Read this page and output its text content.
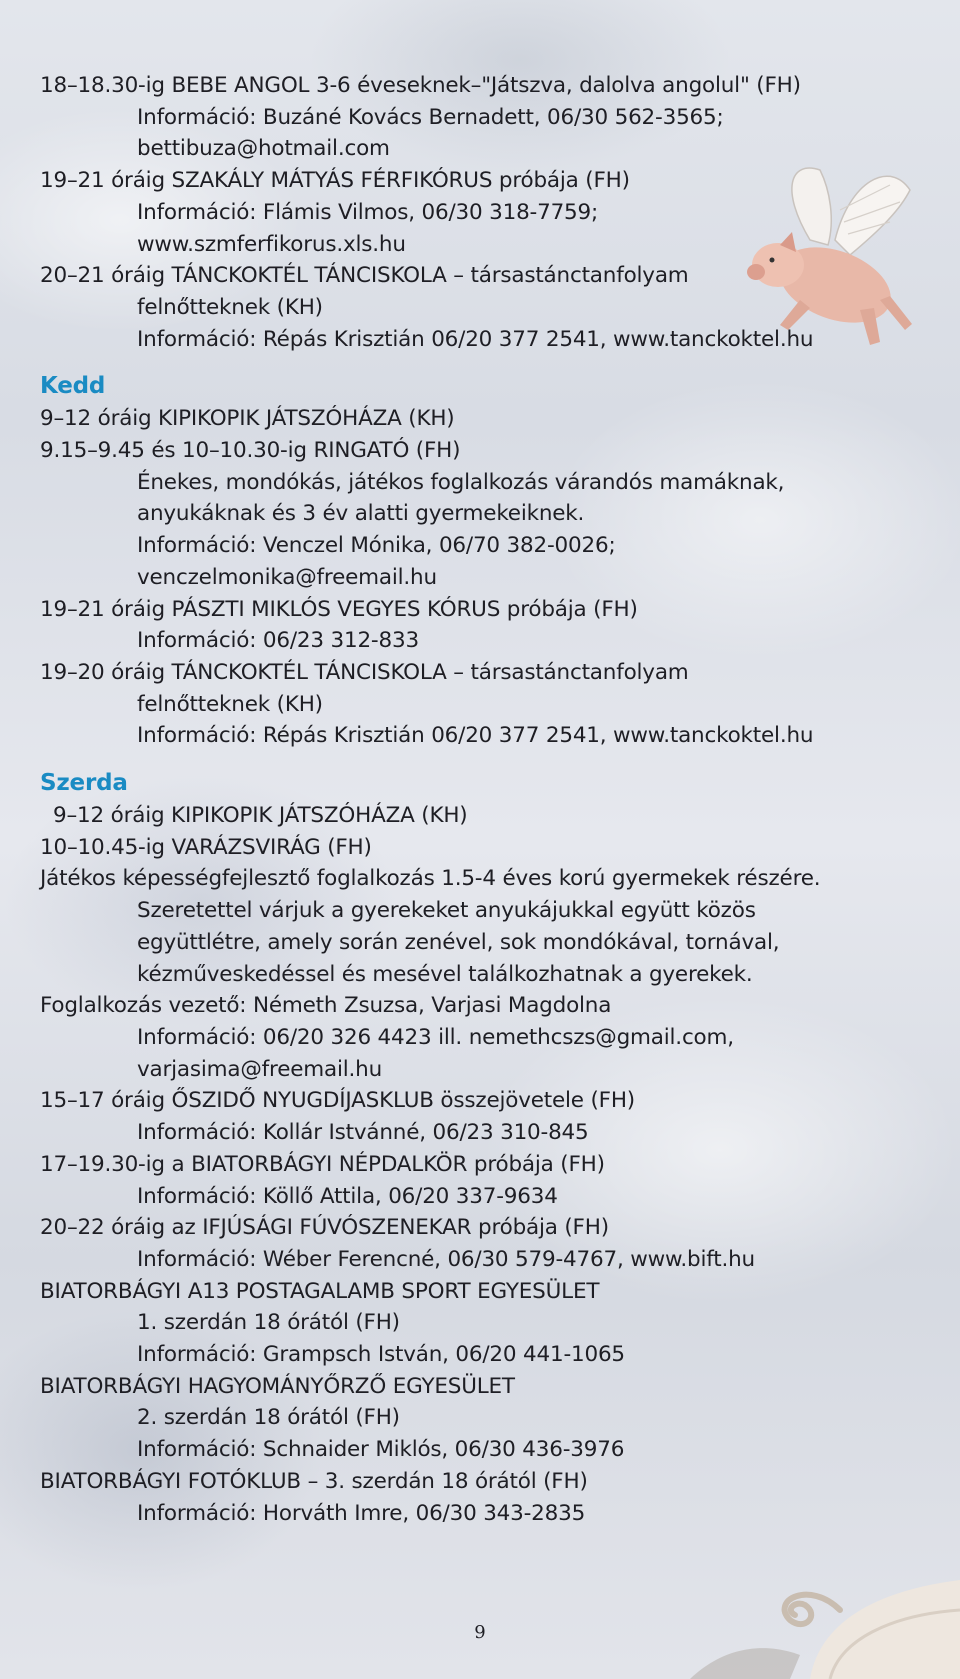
18–18.30-ig BEBE ANGOL 3-6 éveseknek–"Játszva, dalolva angolul" (FH)
Információ: Buzáné Kovács Bernadett, 06/30 562-3565;
bettibuza@hotmail.com
19–21 óráig SZAKÁLY MÁTYÁS FÉRFIKÓRUS próbája (FH)
Információ: Flámis Vilmos, 06/30 318-7759;
www.szmferfikorus.xls.hu
20–21 óráig TÁNCKOKTÉL TÁNCISKOLA – társastánctanfolyam
felnőtteknek (KH)
Információ: Répás Krisztián 06/20 377 2541, www.tanckoktel.hu
Kedd
9–12 óráig KIPIKOPIK JÁTSZÓHÁZA (KH)
9.15–9.45 és 10–10.30-ig RINGATÓ (FH)
Énekes, mondókás, játékos foglalkozás várandós mamáknak,
anyukáknak és 3 év alatti gyermekeiknek.
Információ: Venczel Mónika, 06/70 382-0026;
venczelmonika@freemail.hu
19–21 óráig PÁSZTI MIKLÓS VEGYES KÓRUS próbája (FH)
Információ: 06/23 312-833
19–20 óráig TÁNCKOKTÉL TÁNCISKOLA – társastánctanfolyam
felnőtteknek (KH)
Információ: Répás Krisztián 06/20 377 2541, www.tanckoktel.hu
Szerda
9–12 óráig KIPIKOPIK JÁTSZÓHÁZA (KH)
10–10.45-ig VARÁZSVIRÁG (FH)
Játékos képességfejlesztő foglalkozás 1.5-4 éves korú gyermekek részére.
Szeretettel várjuk a gyerekeket anyukájukkal együtt közös
együttlétre, amely során zenével, sok mondókával, tornával,
kézműveskedéssel és mesével találkozhatnak a gyerekek.
Foglalkozás vezető: Németh Zsuzsa, Varjasi Magdolna
Információ: 06/20 326 4423 ill. nemethcszs@gmail.com,
varjasima@freemail.hu
15–17 óráig ŐSZIDŐ NYUGDÍJASKLUB összejövetele (FH)
Információ: Kollár Istvánné, 06/23 310-845
17–19.30-ig a BIATORBÁGYI NÉPDALKÖR próbája (FH)
Információ: Köllő Attila, 06/20 337-9634
20–22 óráig az IFJÚSÁGI FÚVÓSZENEKAR próbája (FH)
Információ: Wéber Ferencné, 06/30 579-4767, www.bift.hu
BIATORBÁGYI A13 POSTAGALAMB SPORT EGYESÜLET
1. szerdán 18 órától (FH)
Információ: Grampsch István, 06/20 441-1065
BIATORBÁGYI HAGYOMÁNYŐRZŐ EGYESÜLET
2. szerdán 18 órától (FH)
Információ: Schnaider Miklós, 06/30 436-3976
BIATORBÁGYI FOTÓKLUB – 3. szerdán 18 órától (FH)
Információ: Horváth Imre, 06/30 343-2835
9
